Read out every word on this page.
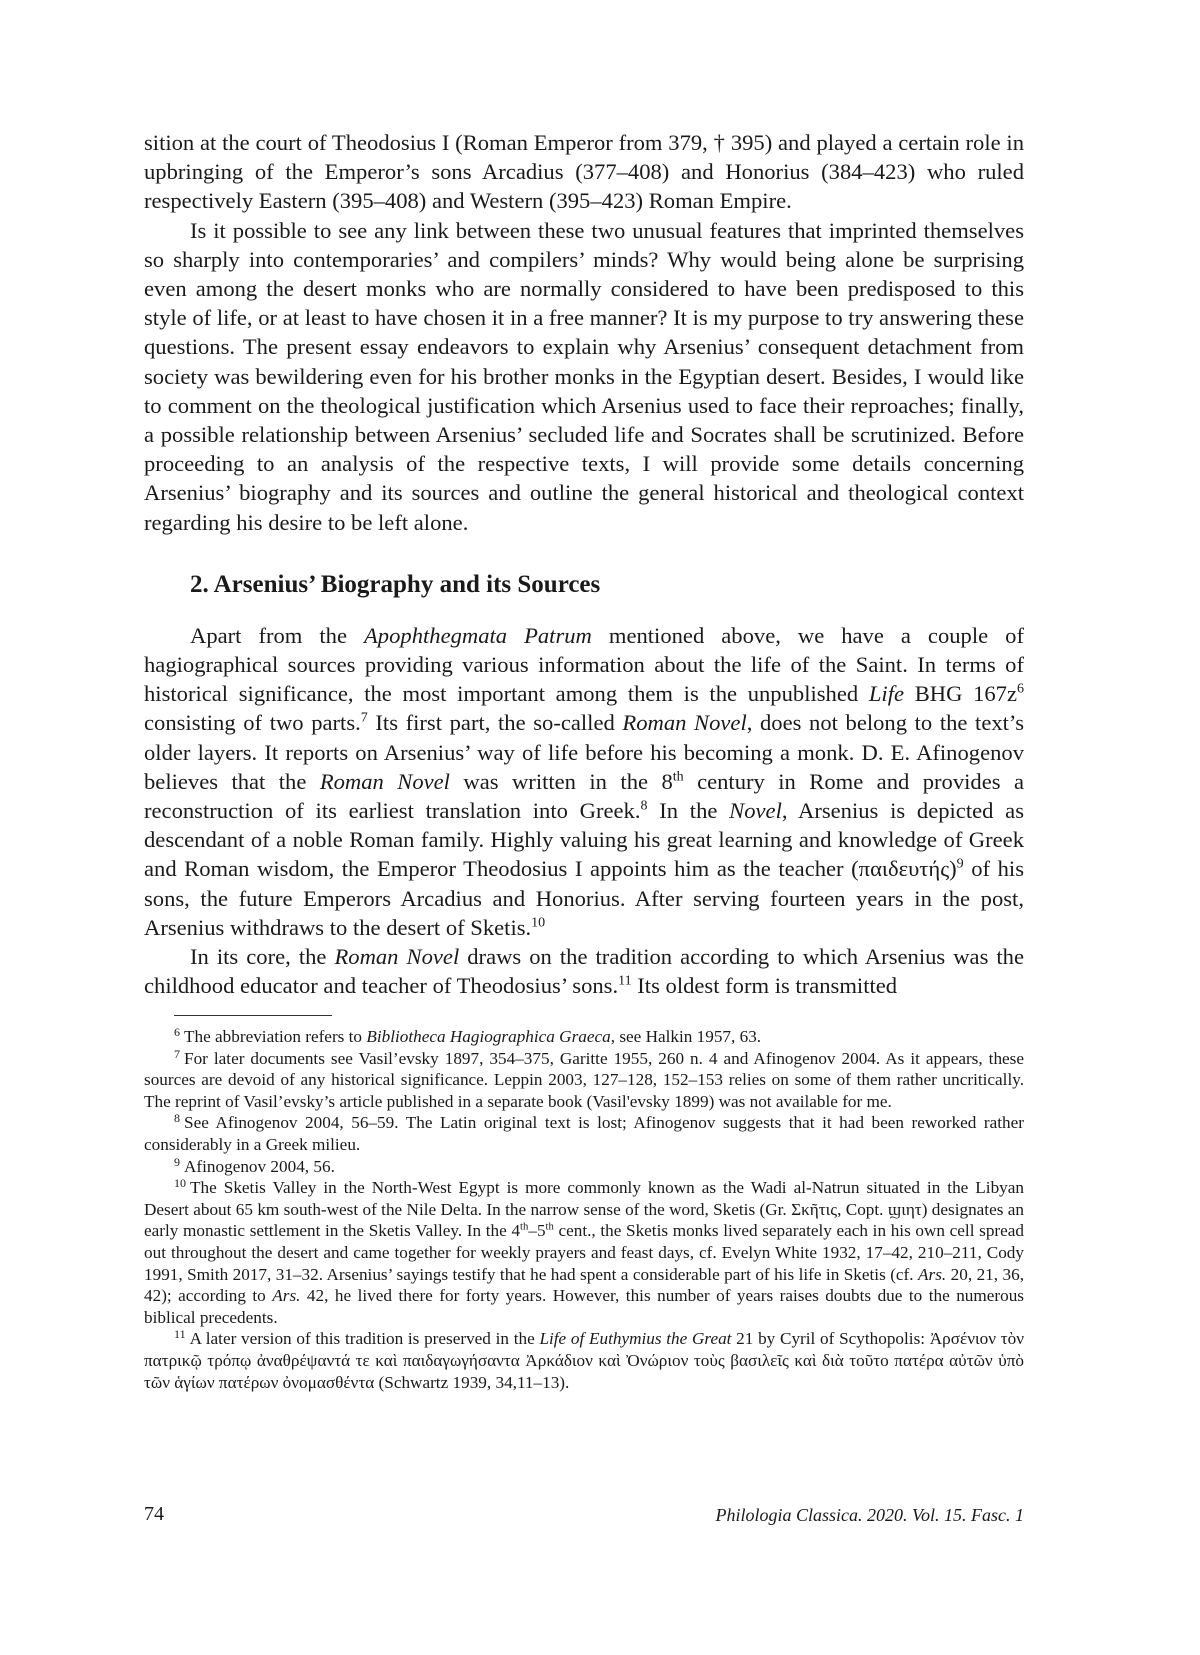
sition at the court of Theodosius I (Roman Emperor from 379, † 395) and played a certain role in upbringing of the Emperor’s sons Arcadius (377–408) and Honorius (384–423) who ruled respectively Eastern (395–408) and Western (395–423) Roman Empire.

Is it possible to see any link between these two unusual features that imprinted themselves so sharply into contemporaries’ and compilers’ minds? Why would being alone be surprising even among the desert monks who are normally considered to have been predisposed to this style of life, or at least to have chosen it in a free manner? It is my purpose to try answering these questions. The present essay endeavors to explain why Arsenius’ consequent detachment from society was bewildering even for his brother monks in the Egyptian desert. Besides, I would like to comment on the theological justification which Arsenius used to face their reproaches; finally, a possible relationship between Arsenius’ secluded life and Socrates shall be scrutinized. Before proceeding to an analysis of the respective texts, I will provide some details concerning Arsenius’ biography and its sources and outline the general historical and theological context regarding his desire to be left alone.

2. Arsenius’ Biography and its Sources

Apart from the Apophthegmata Patrum mentioned above, we have a couple of hagiographical sources providing various information about the life of the Saint. In terms of historical significance, the most important among them is the unpublished Life BHG $167z^6$ consisting of two parts.$^7$ Its first part, the so-called Roman Novel, does not belong to the text’s older layers. It reports on Arsenius’ way of life before his becoming a monk. D. E. Afinogenov believes that the Roman Novel was written in the 8th century in Rome and provides a reconstruction of its earliest translation into Greek.$^8$ In the Novel, Arsenius is depicted as descendant of a noble Roman family. Highly valuing his great learning and knowledge of Greek and Roman wisdom, the Emperor Theodosius I appoints him as the teacher $(\pi\alpha\iota\delta\varepsilon\upsilon\tau ή\varsigma)^9$ of his sons, the future Emperors Arcadius and Honorius. After serving fourteen years in the post, Arsenius withdraws to the desert of Sketis.$^{10}$

In its core, the Roman Novel draws on the tradition according to which Arsenius was the childhood educator and teacher of Theodosius’ sons.$^{11}$ Its oldest form is transmitted

$^6$ The abbreviation refers to Bibliotheca Hagiographica Graeca, see Halkin 1957, 63.

$^7$ For later documents see Vasil’evsky 1897, 354–375, Garitte 1955, 260 n. 4 and Afinogenov 2004. As it appears, these sources are devoid of any historical significance. Leppin 2003, 127–128, 152–153 relies on some of them rather uncritically. The reprint of Vasil’evsky’s article published in a separate book (Vasil'evsky 1899) was not available for me.

$^8$ See Afinogenov 2004, 56–59. The Latin original text is lost; Afinogenov suggests that it had been reworked rather considerably in a Greek milieu.

$^9$ Afinogenov 2004, 56.

$^{10}$ The Sketis Valley in the North-West Egypt is more commonly known as the Wadi al-Natrun situated in the Libyan Desert about 65 km south-west of the Nile Delta. In the narrow sense of the word, Sketis (Gr. Σκῆτις, Copt. ϣιητ) designates an early monastic settlement in the Sketis Valley. In the 4th–5th cent., the Sketis monks lived separately each in his own cell spread out throughout the desert and came together for weekly prayers and feast days, cf. Evelyn White 1932, 17–42, 210–211, Cody 1991, Smith 2017, 31–32. Arsenius’ sayings testify that he had spent a considerable part of his life in Sketis (cf. Ars. 20, 21, 36, 42); according to Ars. 42, he lived there for forty years. However, this number of years raises doubts due to the numerous biblical precedents.

$^{11}$ A later version of this tradition is preserved in the Life of Euthymius the Great 21 by Cyril of Scythopolis: Ἀρσένιον τὸν πατρικῷ τρόπῳ ἀναθρέψαντά τε καὶ παιδαγωγήσαντα Ἀρκάδιον καὶ Ὀνώριον τοὺς βασιλεῖς καὶ διὰ τοῦτο πατέρα αὐτῶν ὑπὸ τῶν ἁγίων πατέρων ὀνομασθέντα (Schwartz 1939, 34,11–13).

74	Philologia Classica. 2020. Vol. 15. Fasc. 1
